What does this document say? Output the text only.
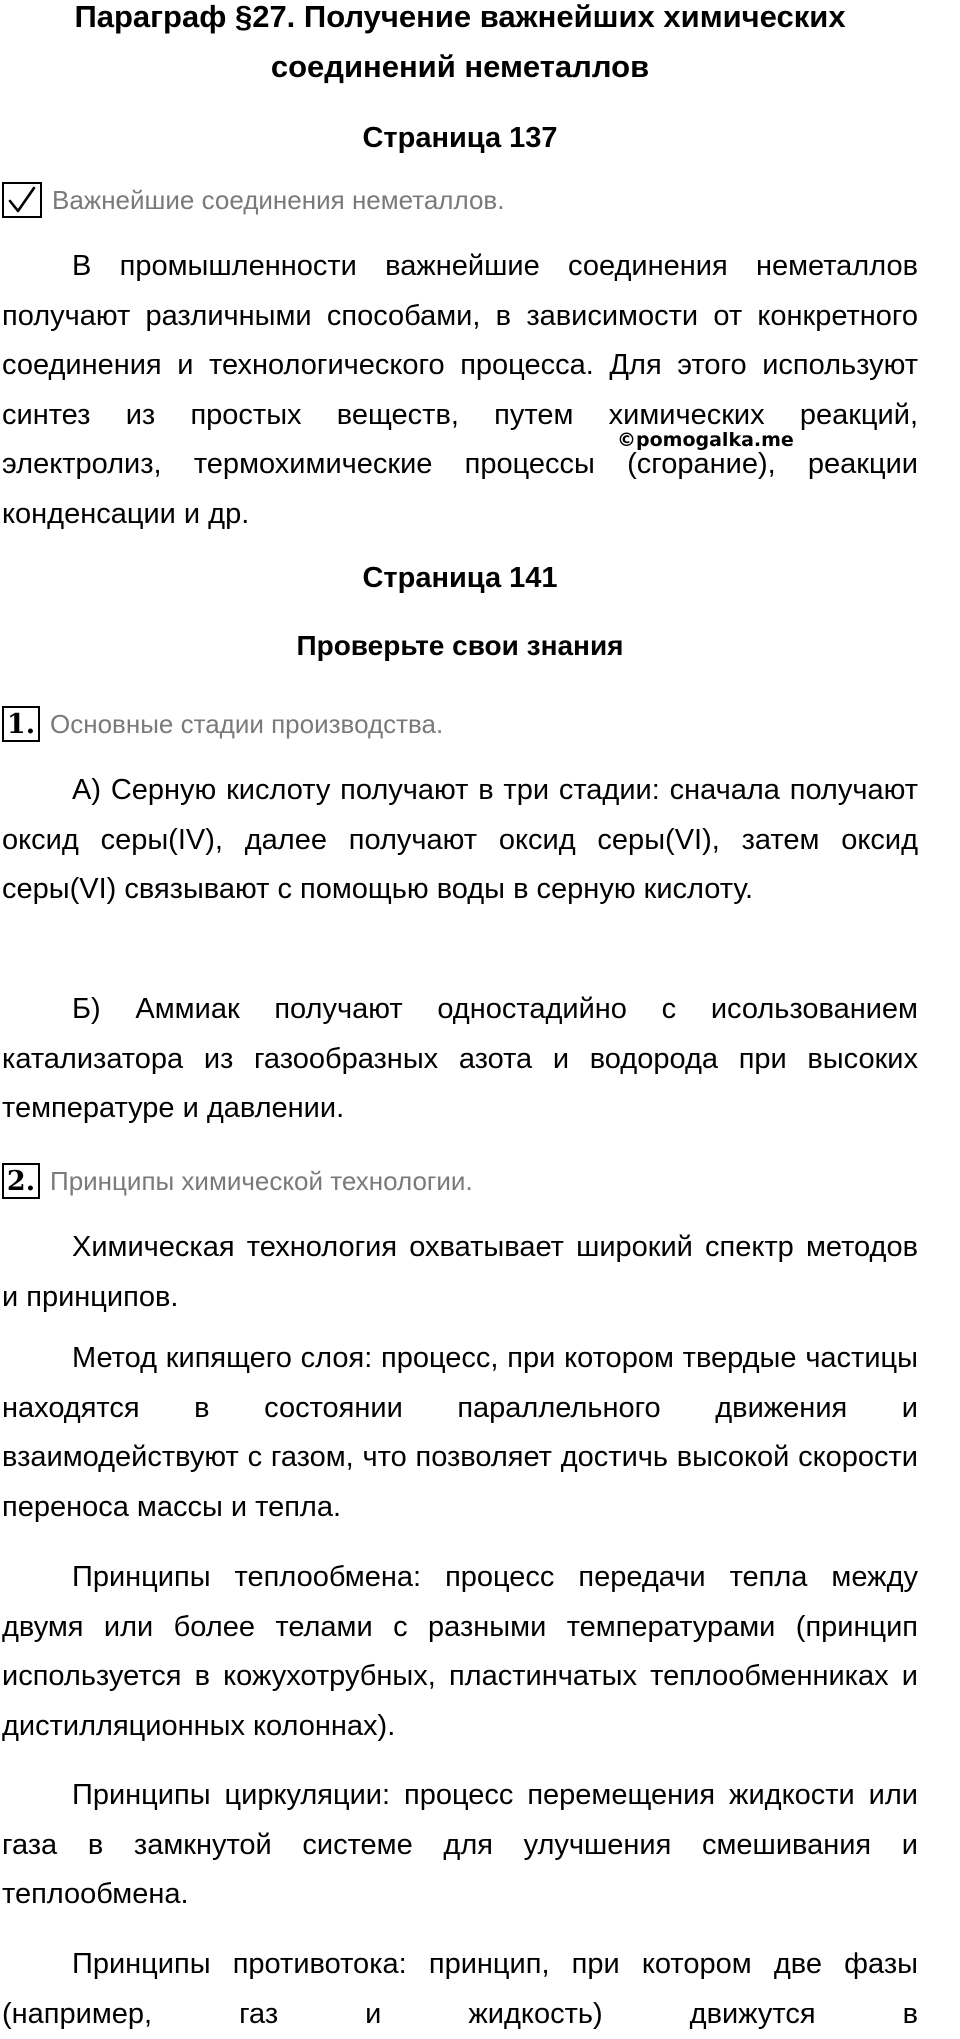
Параграф §27. Получение важнейших химических
соединений неметаллов
Страница 137
Важнейшие соединения неметаллов.

В промышленности важнейшие соединения неметаллов получают различными способами, в зависимости от конкретного соединения и технологического процесса. Для этого используют синтез из простых веществ, путем химических реакций, электролиз, термохимические процессы (сгорание), реакции конденсации и др.

©pomogalka.me
Страница 141
Проверьте свои знания
1. Основные стадии производства.

А) Серную кислоту получают в три стадии: сначала получают оксид серы(IV), далее получают оксид серы(VI), затем оксид серы(VI) связывают с помощью воды в серную кислоту.

Б) Аммиак получают одностадийно с исользованием катализатора из газообразных азота и водорода при высоких температуре и давлении.

2. Принципы химической технологии.

Химическая технология охватывает широкий спектр методов и принципов.

Метод кипящего слоя: процесс, при котором твердые частицы находятся в состоянии параллельного движения и взаимодействуют с газом, что позволяет достичь высокой скорости переноса массы и тепла.

Принципы теплообмена: процесс передачи тепла между двумя или более телами с разными температурами (принцип используется в кожухотрубных, пластинчатых теплообменниках и дистилляционных колоннах).

Принципы циркуляции: процесс перемещения жидкости или газа в замкнутой системе для улучшения смешивания и теплообмена.

Принципы противотока: принцип, при котором две фазы (например, газ и жидкость) движутся в
